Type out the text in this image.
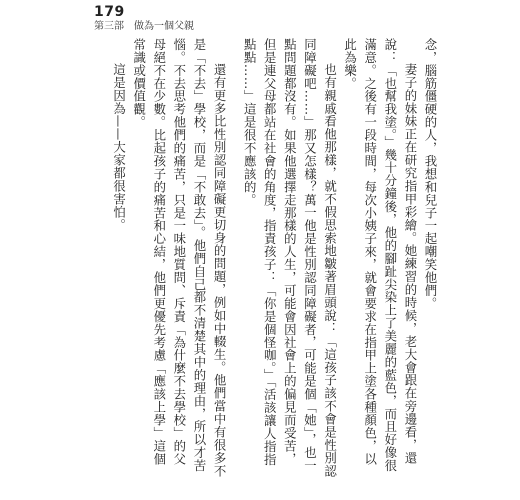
179
第三部　做為一個父親

念，腦筋僵硬的人，我想和兒子一起嘲笑他們。

妻子的妹妹正在研究指甲彩繪。她練習的時候，老大會跟在旁邊看，還說：「也幫我塗。」幾十分鐘後，他的腳趾尖染上了美麗的藍色，而且好像很滿意。之後有一段時間，每次小姨子來，就會要求在指甲上塗各種顏色，以此為樂。

也有親戚看他那樣，就不假思索地皺著眉頭說：「這孩子該不會是性別認同障礙吧……」那又怎樣？萬一他是性別認同障礙者，可能是個「她」，也一點問題都沒有。如果他選擇走那樣的人生，可能會因社會上的偏見而受苦，但是連父母都站在社會的角度，指責孩子：「你是個怪咖。」「活該讓人指指點點……」這是很不應該的。

還有更多比性別認同障礙更切身的問題，例如中輟生。他們當中有很多不是「不去」學校，而是「不敢去」。他們自己都不清楚其中的理由，所以才苦惱。不去思考他們的痛苦，只是一味地質問、斥責「為什麼不去學校」的父母絕不在少數。比起孩子的痛苦和心結，他們更優先考慮「應該上學」這個常識或價值觀。

這是因為——大家都很害怕。
